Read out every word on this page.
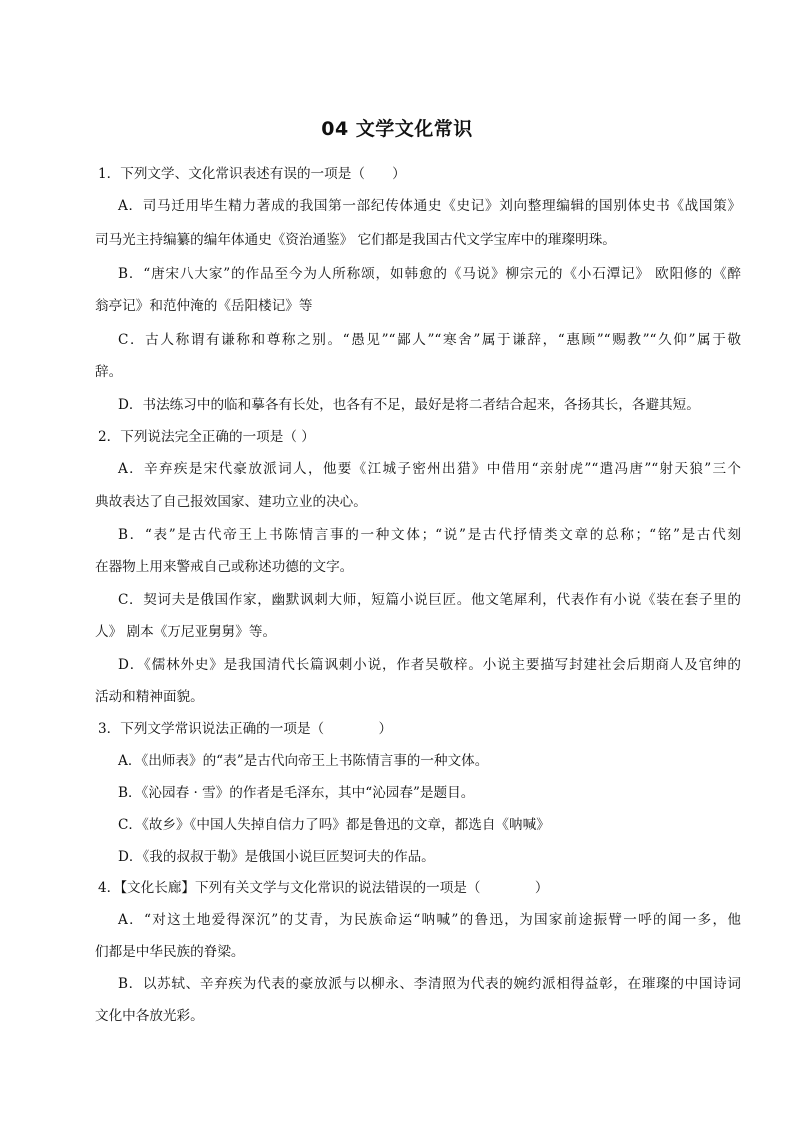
04 文学文化常识
1．下列文学、文化常识表述有误的一项是（　　）
A．司马迁用毕生精力著成的我国第一部纪传体通史《史记》刘向整理编辑的国别体史书《战国策》
司马光主持编纂的编年体通史《资治通鉴》 它们都是我国古代文学宝库中的璀璨明珠。
B．“唐宋八大家”的作品至今为人所称颂，如韩愈的《马说》柳宗元的《小石潭记》 欧阳修的《醉
翁亭记》和范仲淹的《岳阳楼记》等
C．古人称谓有谦称和尊称之别。“愚见”“鄙人”“寒舍”属于谦辞，“惠顾”“赐教”“久仰”属于敬
辞。
D．书法练习中的临和摹各有长处，也各有不足，最好是将二者结合起来，各扬其长，各避其短。
2．下列说法完全正确的一项是（ ）
A．辛弃疾是宋代豪放派词人，他要《江城子密州出猎》中借用“亲射虎”“遣冯唐”“射天狼”三个
典故表达了自己报效国家、建功立业的决心。
B．“表”是古代帝王上书陈情言事的一种文体；“说”是古代抒情类文章的总称；“铭”是古代刻
在器物上用来警戒自己或称述功德的文字。
C．契诃夫是俄国作家，幽默讽刺大师，短篇小说巨匠。他文笔犀利，代表作有小说《装在套子里的
人》 剧本《万尼亚舅舅》等。
D．《儒林外史》是我国清代长篇讽刺小说，作者吴敬梓。小说主要描写封建社会后期商人及官绅的
活动和精神面貌。
3．下列文学常识说法正确的一项是（　　　　）
A．《出师表》的“表”是古代向帝王上书陈情言事的一种文体。
B．《沁园春 · 雪》的作者是毛泽东，其中“沁园春”是题目。
C．《故乡》《中国人失掉自信力了吗》都是鲁迅的文章，都选自《呐喊》
D．《我的叔叔于勒》是俄国小说巨匠契诃夫的作品。
4．【文化长廊】下列有关文学与文化常识的说法错误的一项是（　　　　）
A．“对这土地爱得深沉”的艾青，为民族命运“呐喊”的鲁迅，为国家前途振臂一呼的闻一多，他
们都是中华民族的脊梁。
B．以苏轼、辛弃疾为代表的豪放派与以柳永、李清照为代表的婉约派相得益彰，在璀璨的中国诗词
文化中各放光彩。
